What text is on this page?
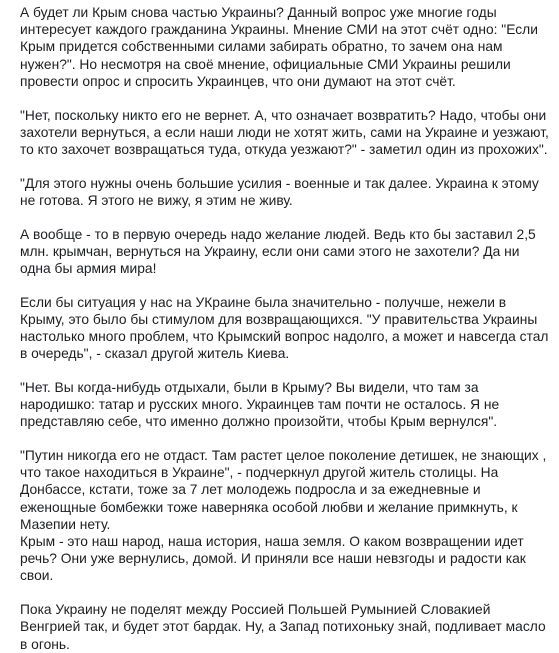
А будет ли Крым снова частью Украины? Данный вопрос уже многие годы интересует каждого гражданина Украины. Мнение СМИ на этот счёт одно: "Если Крым придется собственными силами забирать обратно, то зачем она нам нужен?". Но несмотря на своё мнение, официальные СМИ Украины решили провести опрос и спросить Украинцев, что они думают на этот счёт.

"Нет, поскольку никто его не вернет. А, что означает возвратить? Надо, чтобы они захотели вернуться, а если наши люди не хотят жить, сами на Украине и уезжают, то кто захочет возвращаться туда, откуда уезжают?" - заметил один из прохожих".

"Для этого нужны очень большие усилия - военные и так далее. Украина к этому не готова. Я этого не вижу, я этим не живу.

А вообще - то в первую очередь надо желание людей. Ведь кто бы заставил 2,5 млн. крымчан, вернуться на Украину, если они сами этого не захотели? Да ни одна бы армия мира!

Если бы ситуация у нас на УКраине была значительно - получше, нежели в Крыму, это было бы стимулом для возвращающихся. "У правительства Украины настолько много проблем, что Крымский вопрос надолго, а может и навсегда стал в очередь", - сказал другой житель Киева.

"Нет. Вы когда-нибудь отдыхали, были в Крыму? Вы видели, что там за народишко: татар и русских много. Украинцев там почти не осталось. Я не представляю себе, что именно должно произойти, чтобы Крым вернулся".

"Путин никогда его не отдаст. Там растет целое поколение детишек, не знающих , что такое находиться в Украине", - подчеркнул другой житель столицы. На Донбассе, кстати, тоже за 7 лет молодежь подросла и за ежедневные и еженощные бомбежки тоже наверняка особой любви и желание примкнуть, к Мазепии нету.
Крым - это наш народ, наша история, наша земля. О каком возвращении идет речь? Они уже вернулись, домой. И приняли все наши невзгоды и радости как свои.

Пока Украину не поделят между Россией Польшей Румынией Словакией Венгрией так, и будет этот бардак. Ну, а Запад потихоньку знай, подливает масло в огонь.
